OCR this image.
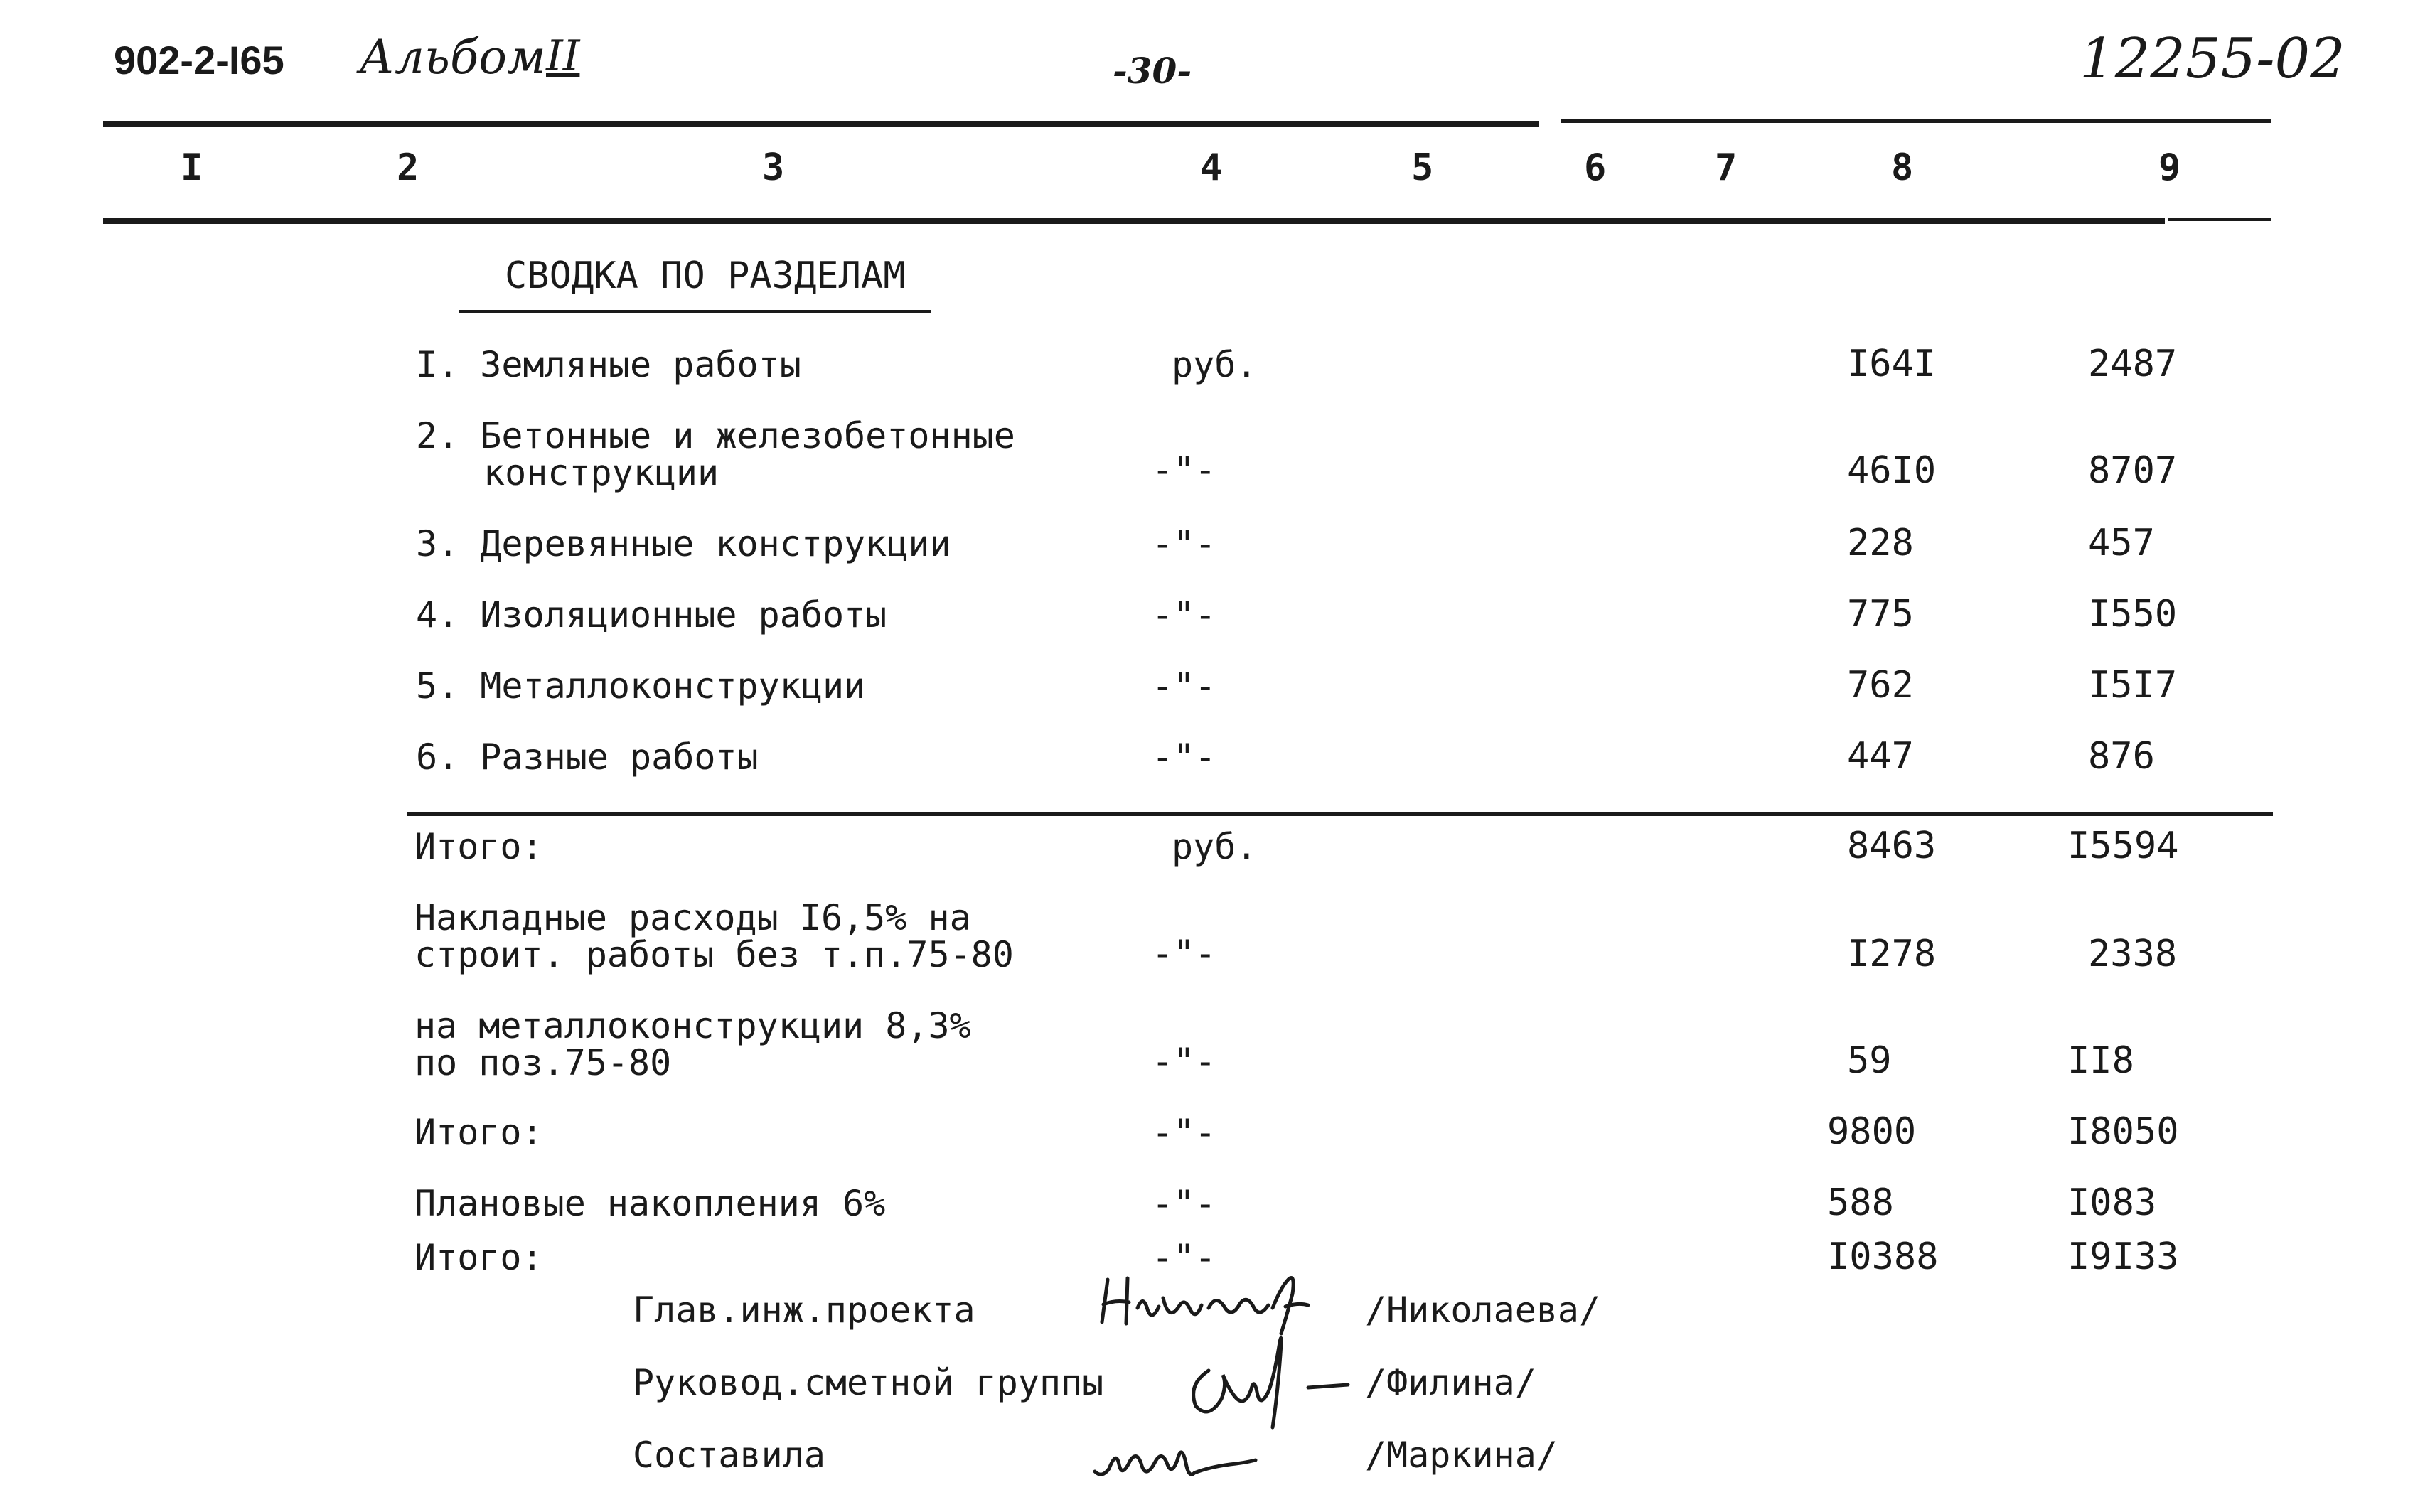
902-2-I65 Альбом II	-30-	12255-02
I	2	3	4	5	6	7	8	9
СВОДКА ПО РАЗДЕЛАМ
I. Земляные работы	руб.	I64I	2487
2. Бетонные и железобетонные
конструкции	-"-	46I0	8707
3. Деревянные конструкции	-"-	228	457
4. Изоляционные работы	-"-	775	I550
5. Металлоконструкции	-"-	762	I5I7
6. Разные работы	-"-	447	876
Итого:	руб.	8463	I5594
Накладные расходы I6,5% на
строит. работы без т.п.75-80	-"-	I278	2338
на металлоконструкции 8,3%
по поз.75-80	-"-	59	II8
Итого:	-"-	9800	I8050
Плановые накопления 6%	-"-	588	I083
Итого:	-"-	I0388	I9I33
Глав.инж.проекта	/Николаева/
Руковод.сметной группы	/Филина/
Составила	/Маркина/
